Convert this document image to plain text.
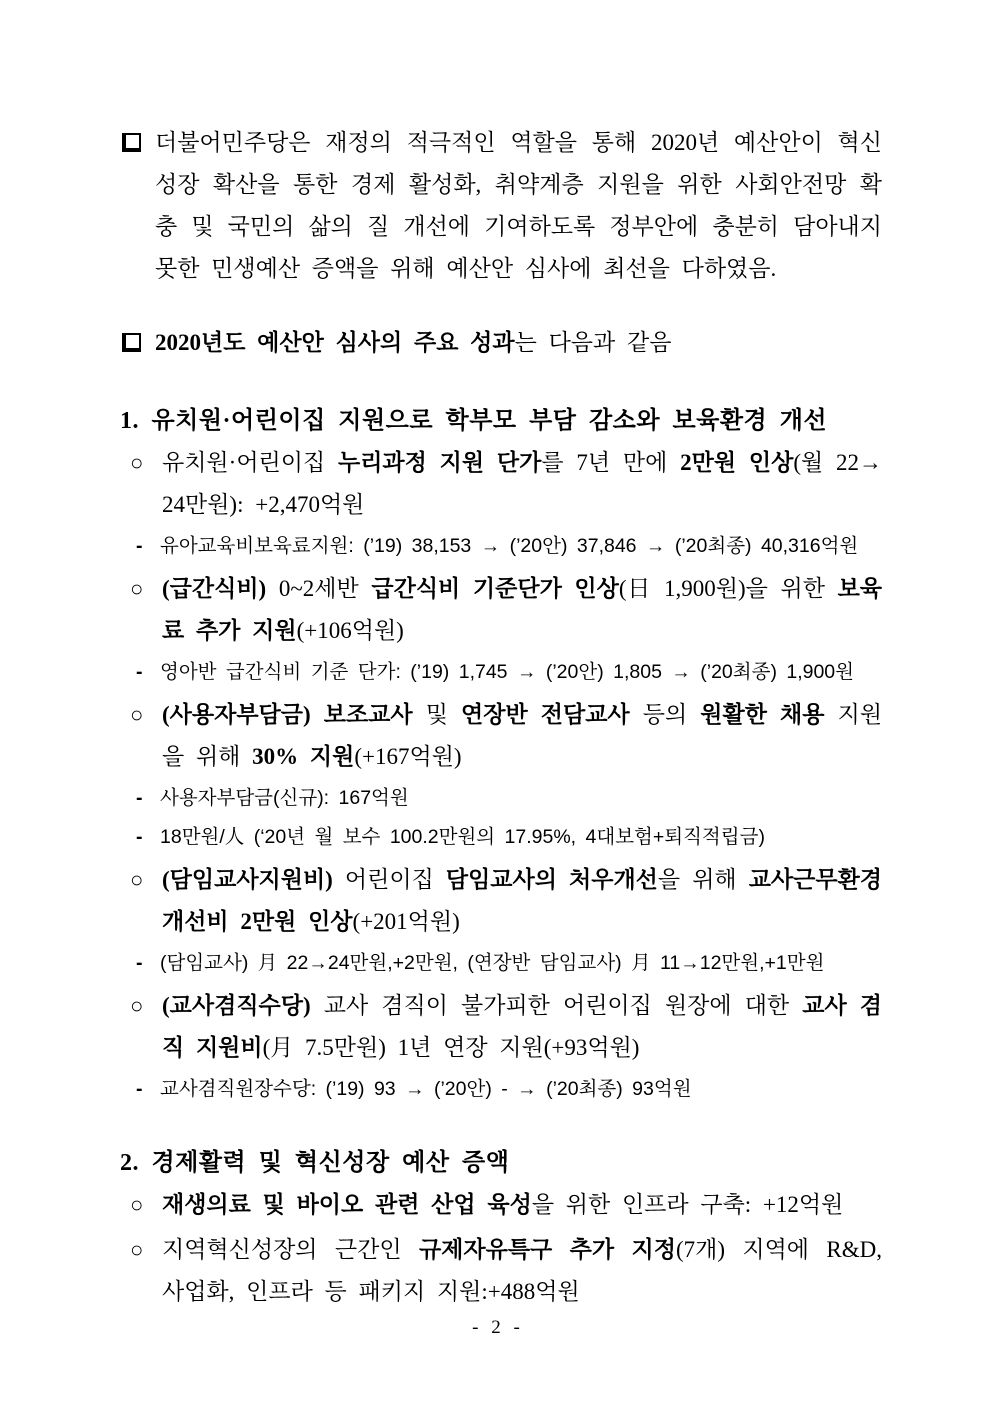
더불어민주당은 재정의 적극적인 역할을 통해 2020년 예산안이 혁신성장 확산을 통한 경제 활성화, 취약계층 지원을 위한 사회안전망 확충 및 국민의 삶의 질 개선에 기여하도록 정부안에 충분히 담아내지 못한 민생예산 증액을 위해 예산안 심사에 최선을 다하였음.
2020년도 예산안 심사의 주요 성과는 다음과 같음
1. 유치원·어린이집 지원으로 학부모 부담 감소와 보육환경 개선
○ 유치원·어린이집 누리과정 지원 단가를 7년 만에 2만원 인상(월 22→ 24만원): +2,470억원
- 유아교육비보육료지원: (’19) 38,153 → (’20안) 37,846 → (’20최종) 40,316억원
○ (급간식비) 0~2세반 급간식비 기준단가 인상(日 1,900원)을 위한 보육료 추가 지원(+106억원)
- 영아반 급간식비 기준 단가: (’19) 1,745 → (’20안) 1,805 → (’20최종) 1,900원
○ (사용자부담금) 보조교사 및 연장반 전담교사 등의 원활한 채용 지원을 위해 30% 지원(+167억원)
- 사용자부담금(신규): 167억원
- 18만원/人 (‘20년 월 보수 100.2만원의 17.95%, 4대보험+퇴직적립금)
○ (담임교사지원비) 어린이집 담임교사의 처우개선을 위해 교사근무환경 개선비 2만원 인상(+201억원)
- (담임교사) 月 22→24만원,+2만원, (연장반 담임교사) 月 11→12만원,+1만원
○ (교사겸직수당) 교사 겸직이 불가피한 어린이집 원장에 대한 교사 겸직 지원비(月 7.5만원) 1년 연장 지원(+93억원)
- 교사겸직원장수당: (’19) 93 → (’20안) - → (’20최종) 93억원
2. 경제활력 및 혁신성장 예산 증액
○ 재생의료 및 바이오 관련 산업 육성을 위한 인프라 구축: +12억원
○ 지역혁신성장의 근간인 규제자유특구 추가 지정(7개) 지역에 R&D, 사업화, 인프라 등 패키지 지원:+488억원
- 2 -
